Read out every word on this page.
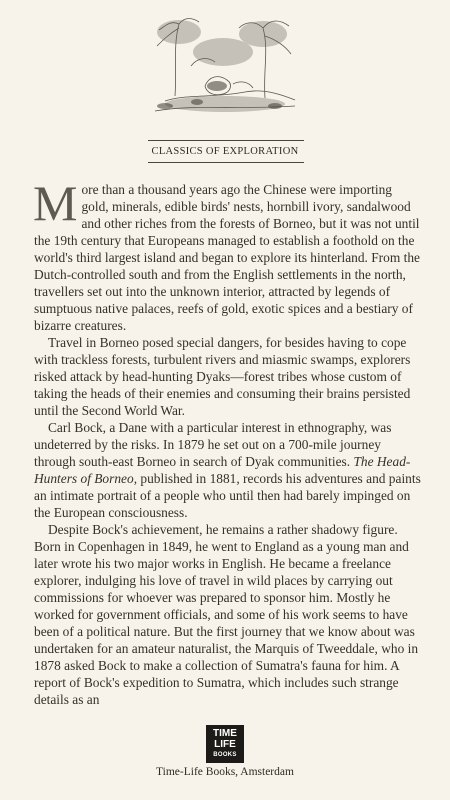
CLASSICS OF EXPLORATION

More than a thousand years ago the Chinese were importing gold, minerals, edible birds' nests, hornbill ivory, sandalwood and other riches from the forests of Borneo, but it was not until the 19th century that Europeans managed to establish a foothold on the world's third largest island and began to explore its hinterland. From the Dutch-controlled south and from the English settlements in the north, travellers set out into the unknown interior, attracted by legends of sumptuous native palaces, reefs of gold, exotic spices and a bestiary of bizarre creatures.

Travel in Borneo posed special dangers, for besides having to cope with trackless forests, turbulent rivers and miasmic swamps, explorers risked attack by head-hunting Dyaks—forest tribes whose custom of taking the heads of their enemies and consuming their brains persisted until the Second World War.

Carl Bock, a Dane with a particular interest in ethnography, was undeterred by the risks. In 1879 he set out on a 700-mile journey through south-east Borneo in search of Dyak communities. The Head-Hunters of Borneo, published in 1881, records his adventures and paints an intimate portrait of a people who until then had barely impinged on the European consciousness.

Despite Bock's achievement, he remains a rather shadowy figure. Born in Copenhagen in 1849, he went to England as a young man and later wrote his two major works in English. He became a freelance explorer, indulging his love of travel in wild places by carrying out commissions for whoever was prepared to sponsor him. Mostly he worked for government officials, and some of his work seems to have been of a political nature. But the first journey that we know about was undertaken for an amateur naturalist, the Marquis of Tweeddale, who in 1878 asked Bock to make a collection of Sumatra's fauna for him. A report of Bock's expedition to Sumatra, which includes such strange details as an

TIME
LIFE
BOOKS
Time-Life Books, Amsterdam
